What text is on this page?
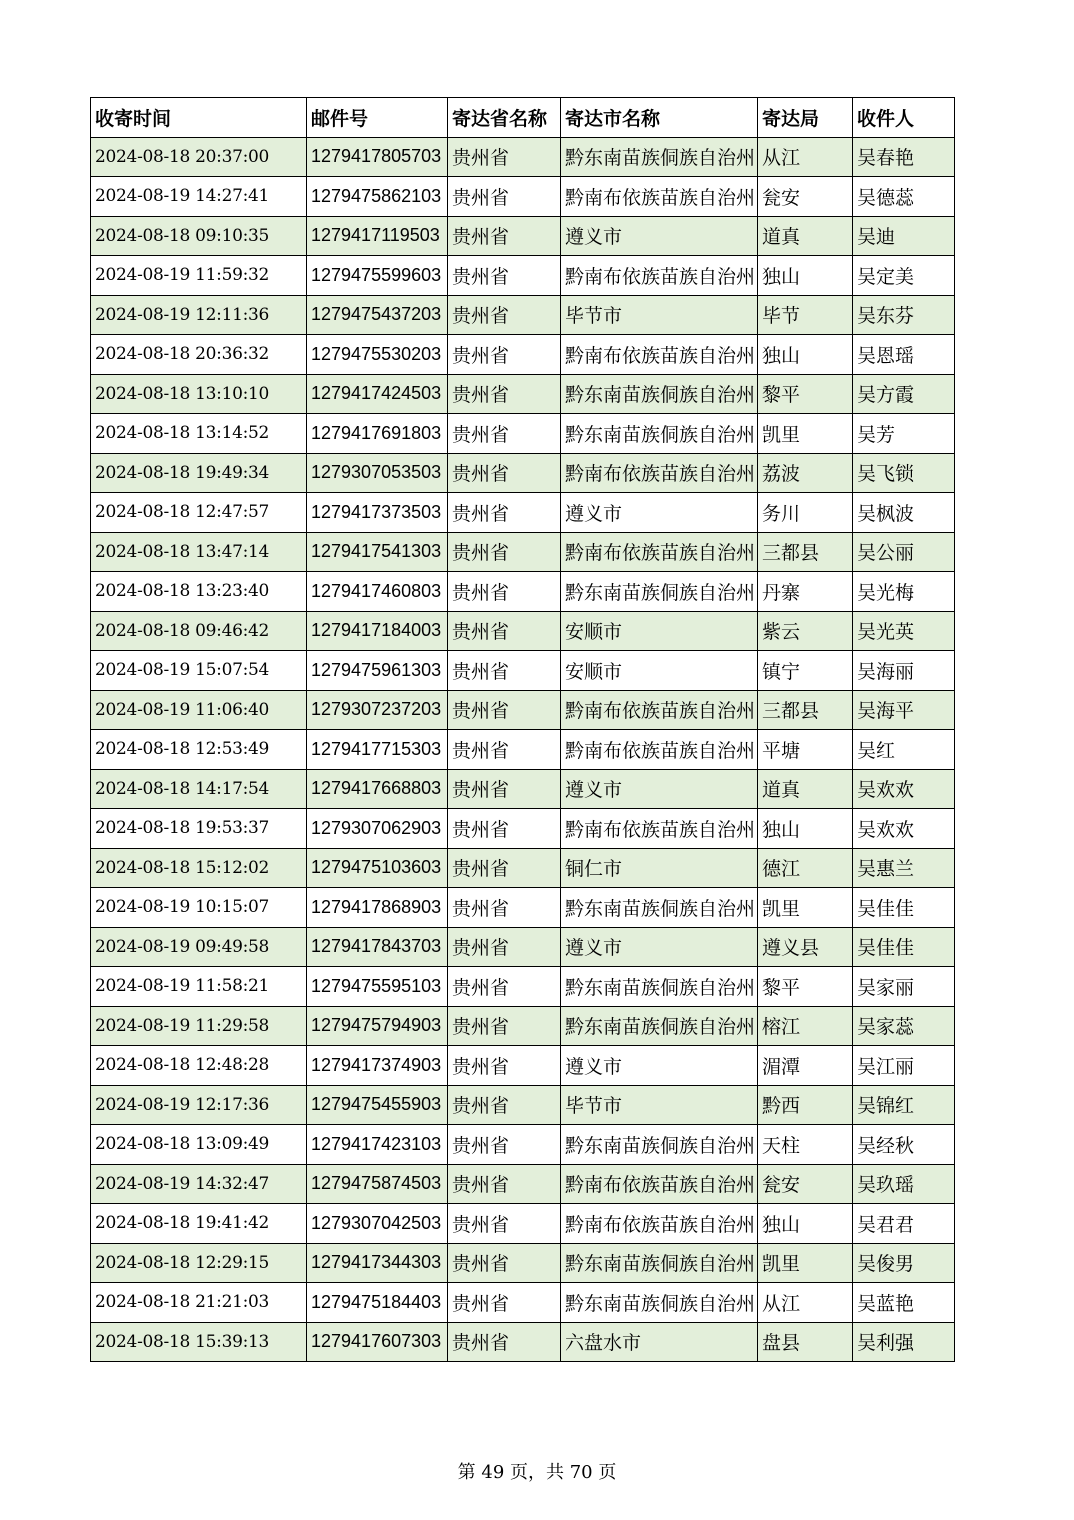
收寄时间	邮件号	寄达省名称	寄达市名称	寄达局	收件人
2024-08-18 20:37:00	1279417805703	贵州省	黔东南苗族侗族自治州	从江	吴春艳
2024-08-19 14:27:41	1279475862103	贵州省	黔南布依族苗族自治州	瓮安	吴德蕊
2024-08-18 09:10:35	1279417119503	贵州省	遵义市	道真	吴迪
2024-08-19 11:59:32	1279475599603	贵州省	黔南布依族苗族自治州	独山	吴定美
2024-08-19 12:11:36	1279475437203	贵州省	毕节市	毕节	吴东芬
2024-08-18 20:36:32	1279475530203	贵州省	黔南布依族苗族自治州	独山	吴恩瑶
2024-08-18 13:10:10	1279417424503	贵州省	黔东南苗族侗族自治州	黎平	吴方霞
2024-08-18 13:14:52	1279417691803	贵州省	黔东南苗族侗族自治州	凯里	吴芳
2024-08-18 19:49:34	1279307053503	贵州省	黔南布依族苗族自治州	荔波	吴飞锁
2024-08-18 12:47:57	1279417373503	贵州省	遵义市	务川	吴枫波
2024-08-18 13:47:14	1279417541303	贵州省	黔南布依族苗族自治州	三都县	吴公丽
2024-08-18 13:23:40	1279417460803	贵州省	黔东南苗族侗族自治州	丹寨	吴光梅
2024-08-18 09:46:42	1279417184003	贵州省	安顺市	紫云	吴光英
2024-08-19 15:07:54	1279475961303	贵州省	安顺市	镇宁	吴海丽
2024-08-19 11:06:40	1279307237203	贵州省	黔南布依族苗族自治州	三都县	吴海平
2024-08-18 12:53:49	1279417715303	贵州省	黔南布依族苗族自治州	平塘	吴红
2024-08-18 14:17:54	1279417668803	贵州省	遵义市	道真	吴欢欢
2024-08-18 19:53:37	1279307062903	贵州省	黔南布依族苗族自治州	独山	吴欢欢
2024-08-18 15:12:02	1279475103603	贵州省	铜仁市	德江	吴惠兰
2024-08-19 10:15:07	1279417868903	贵州省	黔东南苗族侗族自治州	凯里	吴佳佳
2024-08-19 09:49:58	1279417843703	贵州省	遵义市	遵义县	吴佳佳
2024-08-19 11:58:21	1279475595103	贵州省	黔东南苗族侗族自治州	黎平	吴家丽
2024-08-19 11:29:58	1279475794903	贵州省	黔东南苗族侗族自治州	榕江	吴家蕊
2024-08-18 12:48:28	1279417374903	贵州省	遵义市	湄潭	吴江丽
2024-08-19 12:17:36	1279475455903	贵州省	毕节市	黔西	吴锦红
2024-08-18 13:09:49	1279417423103	贵州省	黔东南苗族侗族自治州	天柱	吴经秋
2024-08-19 14:32:47	1279475874503	贵州省	黔南布依族苗族自治州	瓮安	吴玖瑶
2024-08-18 19:41:42	1279307042503	贵州省	黔南布依族苗族自治州	独山	吴君君
2024-08-18 12:29:15	1279417344303	贵州省	黔东南苗族侗族自治州	凯里	吴俊男
2024-08-18 21:21:03	1279475184403	贵州省	黔东南苗族侗族自治州	从江	吴蓝艳
2024-08-18 15:39:13	1279417607303	贵州省	六盘水市	盘县	吴利强
第 49 页，共 70 页
